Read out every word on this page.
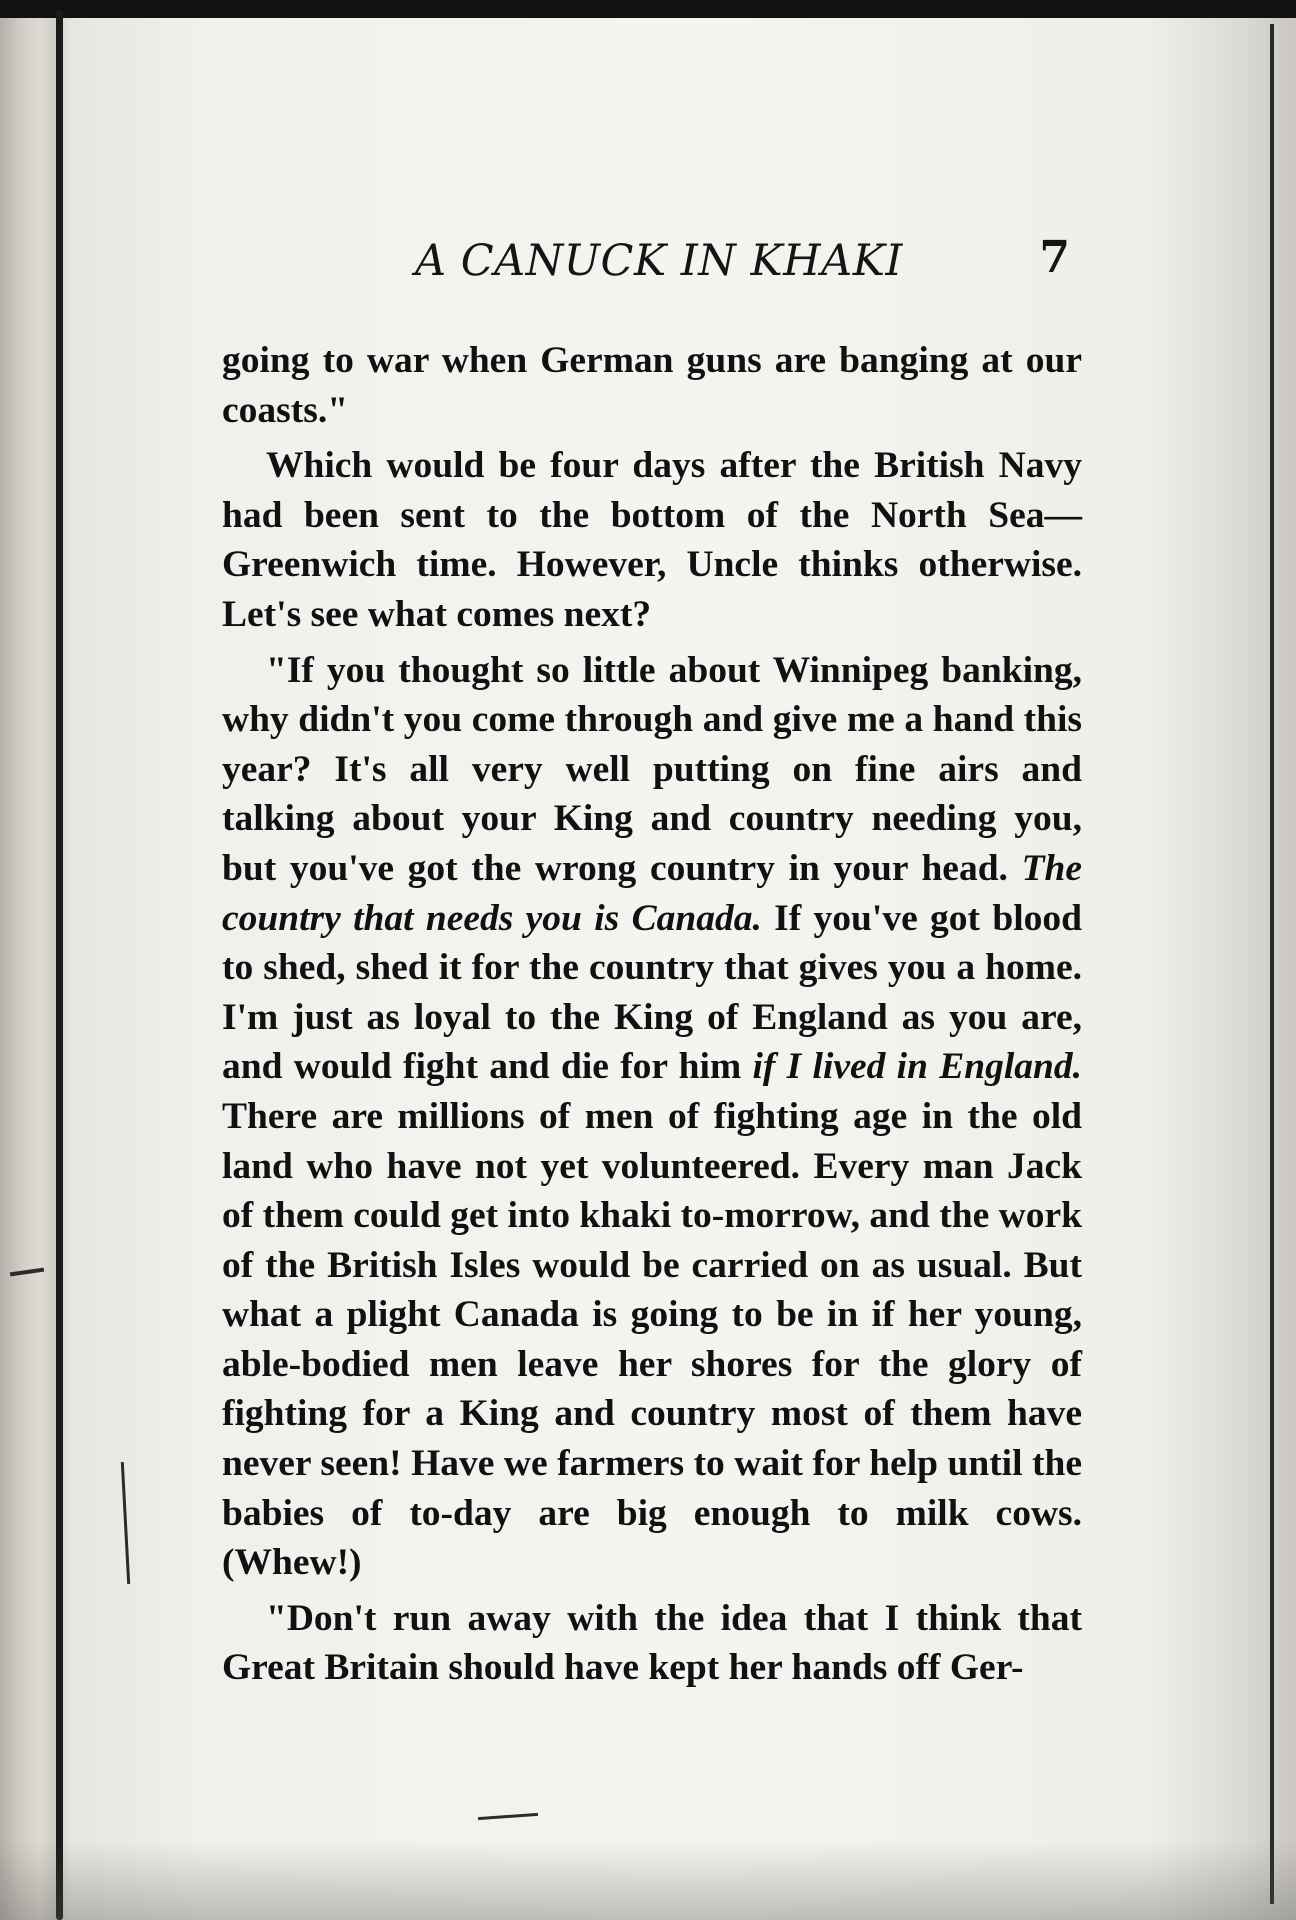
A CANUCK IN KHAKI	7

going to war when German guns are banging at our coasts."

Which would be four days after the British Navy had been sent to the bottom of the North Sea—Greenwich time. However, Uncle thinks otherwise. Let's see what comes next?

"If you thought so little about Winnipeg banking, why didn't you come through and give me a hand this year? It's all very well putting on fine airs and talking about your King and country needing you, but you've got the wrong country in your head. The country that needs you is Canada. If you've got blood to shed, shed it for the country that gives you a home. I'm just as loyal to the King of England as you are, and would fight and die for him if I lived in England. There are millions of men of fighting age in the old land who have not yet volunteered. Every man Jack of them could get into khaki to-morrow, and the work of the British Isles would be carried on as usual. But what a plight Canada is going to be in if her young, able-bodied men leave her shores for the glory of fighting for a King and country most of them have never seen! Have we farmers to wait for help until the babies of to-day are big enough to milk cows. (Whew!)

"Don't run away with the idea that I think that Great Britain should have kept her hands off Ger-
